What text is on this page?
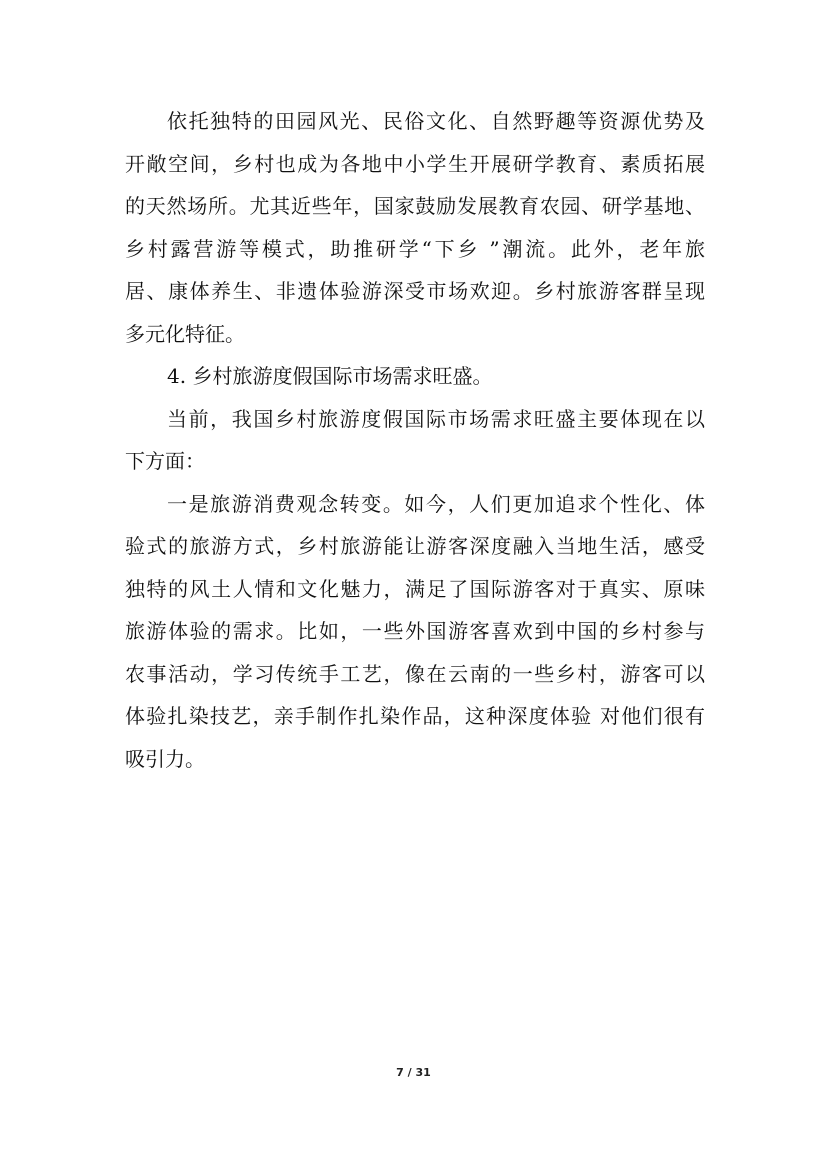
依托独特的田园风光、民俗文化、自然野趣等资源优势及
开敞空间，乡村也成为各地中小学生开展研学教育、素质拓展
的天然场所。尤其近些年，国家鼓励发展教育农园、研学基地、
乡村露营游等模式，助推研学“下乡 ”潮流。此外，老年旅
居、康体养生、非遗体验游深受市场欢迎。乡村旅游客群呈现
多元化特征。
4. 乡村旅游度假国际市场需求旺盛。
当前，我国乡村旅游度假国际市场需求旺盛主要体现在以
下方面：
一是旅游消费观念转变。如今，人们更加追求个性化、体
验式的旅游方式，乡村旅游能让游客深度融入当地生活，感受
独特的风土人情和文化魅力，满足了国际游客对于真实、原味
旅游体验的需求。比如，一些外国游客喜欢到中国的乡村参与
农事活动，学习传统手工艺，像在云南的一些乡村，游客可以
体验扎染技艺，亲手制作扎染作品，这种深度体验 对他们很有
吸引力。
7 / 31
